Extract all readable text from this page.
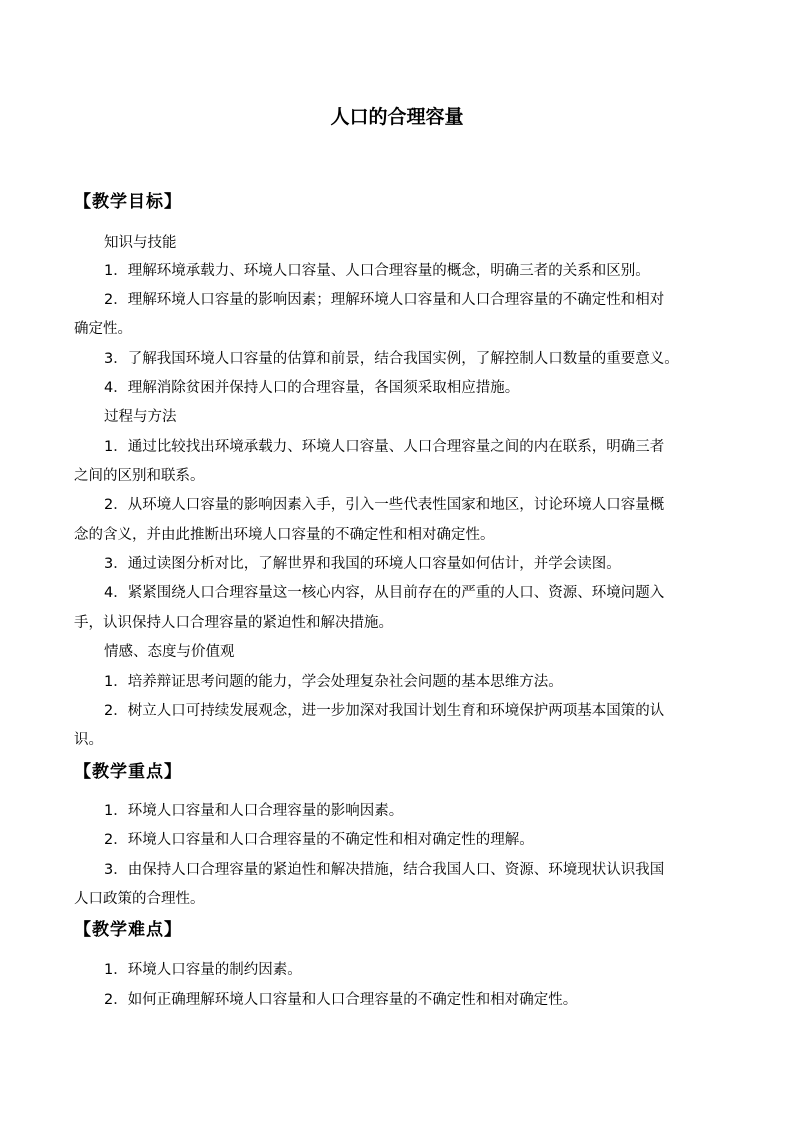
人口的合理容量
【教学目标】
知识与技能
1．理解环境承载力、环境人口容量、人口合理容量的概念，明确三者的关系和区别。
2．理解环境人口容量的影响因素；理解环境人口容量和人口合理容量的不确定性和相对
确定性。
3．了解我国环境人口容量的估算和前景，结合我国实例，了解控制人口数量的重要意义。
4．理解消除贫困并保持人口的合理容量，各国须采取相应措施。
过程与方法
1．通过比较找出环境承载力、环境人口容量、人口合理容量之间的内在联系，明确三者
之间的区别和联系。
2．从环境人口容量的影响因素入手，引入一些代表性国家和地区，讨论环境人口容量概
念的含义，并由此推断出环境人口容量的不确定性和相对确定性。
3．通过读图分析对比，了解世界和我国的环境人口容量如何估计，并学会读图。
4．紧紧围绕人口合理容量这一核心内容，从目前存在的严重的人口、资源、环境问题入
手，认识保持人口合理容量的紧迫性和解决措施。
情感、态度与价值观
1．培养辩证思考问题的能力，学会处理复杂社会问题的基本思维方法。
2．树立人口可持续发展观念，进一步加深对我国计划生育和环境保护两项基本国策的认
识。
【教学重点】
1．环境人口容量和人口合理容量的影响因素。
2．环境人口容量和人口合理容量的不确定性和相对确定性的理解。
3．由保持人口合理容量的紧迫性和解决措施，结合我国人口、资源、环境现状认识我国
人口政策的合理性。
【教学难点】
1．环境人口容量的制约因素。
2．如何正确理解环境人口容量和人口合理容量的不确定性和相对确定性。
